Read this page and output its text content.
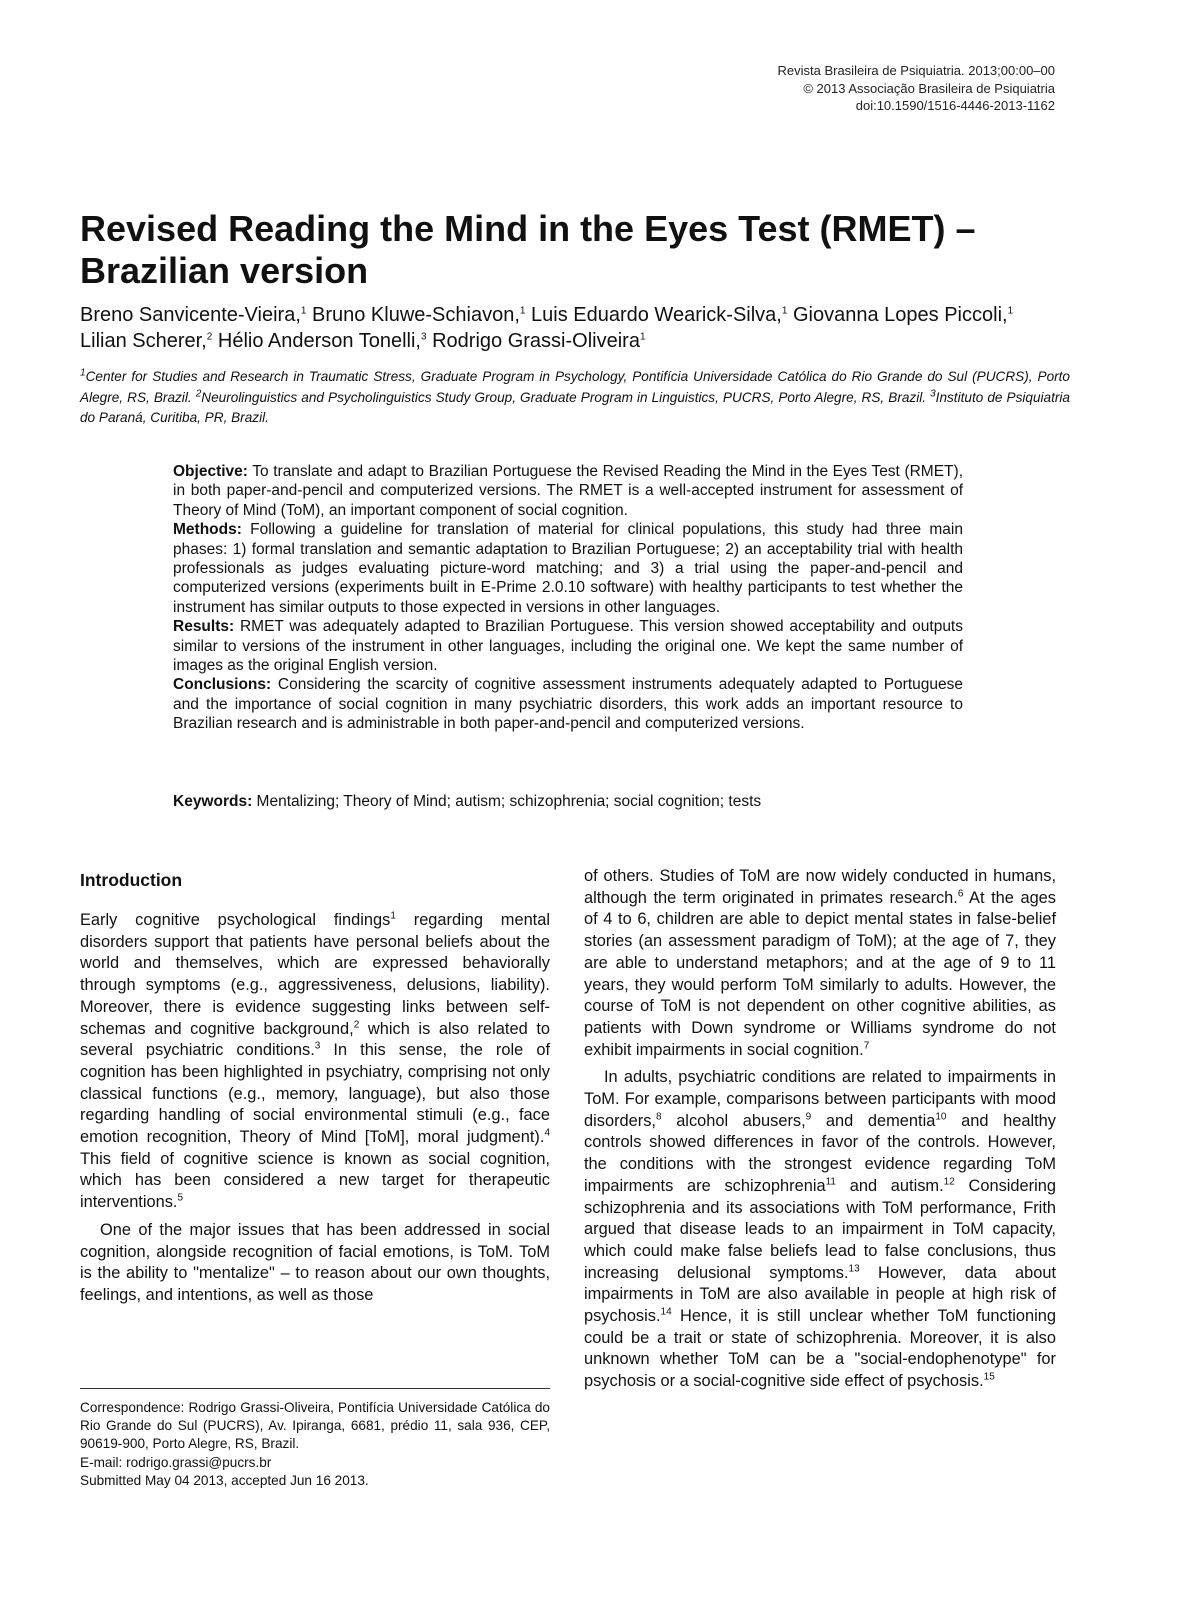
Revista Brasileira de Psiquiatria. 2013;00:00–00
© 2013 Associação Brasileira de Psiquiatria
doi:10.1590/1516-4446-2013-1162
Revised Reading the Mind in the Eyes Test (RMET) – Brazilian version
Breno Sanvicente-Vieira,$^1$ Bruno Kluwe-Schiavon,$^1$ Luis Eduardo Wearick-Silva,$^1$ Giovanna Lopes Piccoli,$^1$ Lilian Scherer,$^2$ Hélio Anderson Tonelli,$^3$ Rodrigo Grassi-Oliveira$^1$
$^1$Center for Studies and Research in Traumatic Stress, Graduate Program in Psychology, Pontifícia Universidade Católica do Rio Grande do Sul (PUCRS), Porto Alegre, RS, Brazil. $^2$Neurolinguistics and Psycholinguistics Study Group, Graduate Program in Linguistics, PUCRS, Porto Alegre, RS, Brazil. $^3$Instituto de Psiquiatria do Paraná, Curitiba, PR, Brazil.

Objective: To translate and adapt to Brazilian Portuguese the Revised Reading the Mind in the Eyes Test (RMET), in both paper-and-pencil and computerized versions. The RMET is a well-accepted instrument for assessment of Theory of Mind (ToM), an important component of social cognition.

Methods: Following a guideline for translation of material for clinical populations, this study had three main phases: 1) formal translation and semantic adaptation to Brazilian Portuguese; 2) an acceptability trial with health professionals as judges evaluating picture-word matching; and 3) a trial using the paper-and-pencil and computerized versions (experiments built in E-Prime 2.0.10 software) with healthy participants to test whether the instrument has similar outputs to those expected in versions in other languages.

Results: RMET was adequately adapted to Brazilian Portuguese. This version showed acceptability and outputs similar to versions of the instrument in other languages, including the original one. We kept the same number of images as the original English version.

Conclusions: Considering the scarcity of cognitive assessment instruments adequately adapted to Portuguese and the importance of social cognition in many psychiatric disorders, this work adds an important resource to Brazilian research and is administrable in both paper-and-pencil and computerized versions.

Keywords: Mentalizing; Theory of Mind; autism; schizophrenia; social cognition; tests
Introduction

Early cognitive psychological findings$^1$ regarding mental disorders support that patients have personal beliefs about the world and themselves, which are expressed behaviorally through symptoms (e.g., aggressiveness, delusions, liability). Moreover, there is evidence suggesting links between self-schemas and cognitive background,$^2$ which is also related to several psychiatric conditions.$^3$ In this sense, the role of cognition has been highlighted in psychiatry, comprising not only classical functions (e.g., memory, language), but also those regarding handling of social environmental stimuli (e.g., face emotion recognition, Theory of Mind [ToM], moral judgment).$^4$ This field of cognitive science is known as social cognition, which has been considered a new target for therapeutic interventions.$^5$

One of the major issues that has been addressed in social cognition, alongside recognition of facial emotions, is ToM. ToM is the ability to "mentalize" – to reason about our own thoughts, feelings, and intentions, as well as those

of others. Studies of ToM are now widely conducted in humans, although the term originated in primates research.$^6$ At the ages of 4 to 6, children are able to depict mental states in false-belief stories (an assessment paradigm of ToM); at the age of 7, they are able to understand metaphors; and at the age of 9 to 11 years, they would perform ToM similarly to adults. However, the course of ToM is not dependent on other cognitive abilities, as patients with Down syndrome or Williams syndrome do not exhibit impairments in social cognition.$^7$

In adults, psychiatric conditions are related to impairments in ToM. For example, comparisons between participants with mood disorders,$^8$ alcohol abusers,$^9$ and dementia$^{10}$ and healthy controls showed differences in favor of the controls. However, the conditions with the strongest evidence regarding ToM impairments are schizophrenia$^{11}$ and autism.$^{12}$ Considering schizophrenia and its associations with ToM performance, Frith argued that disease leads to an impairment in ToM capacity, which could make false beliefs lead to false conclusions, thus increasing delusional symptoms.$^{13}$ However, data about impairments in ToM are also available in people at high risk of psychosis.$^{14}$ Hence, it is still unclear whether ToM functioning could be a trait or state of schizophrenia. Moreover, it is also unknown whether ToM can be a "social-endophenotype" for psychosis or a social-cognitive side effect of psychosis.$^{15}$

Correspondence: Rodrigo Grassi-Oliveira, Pontifícia Universidade Católica do Rio Grande do Sul (PUCRS), Av. Ipiranga, 6681, prédio 11, sala 936, CEP, 90619-900, Porto Alegre, RS, Brazil.

E-mail: rodrigo.grassi@pucrs.br

Submitted May 04 2013, accepted Jun 16 2013.
